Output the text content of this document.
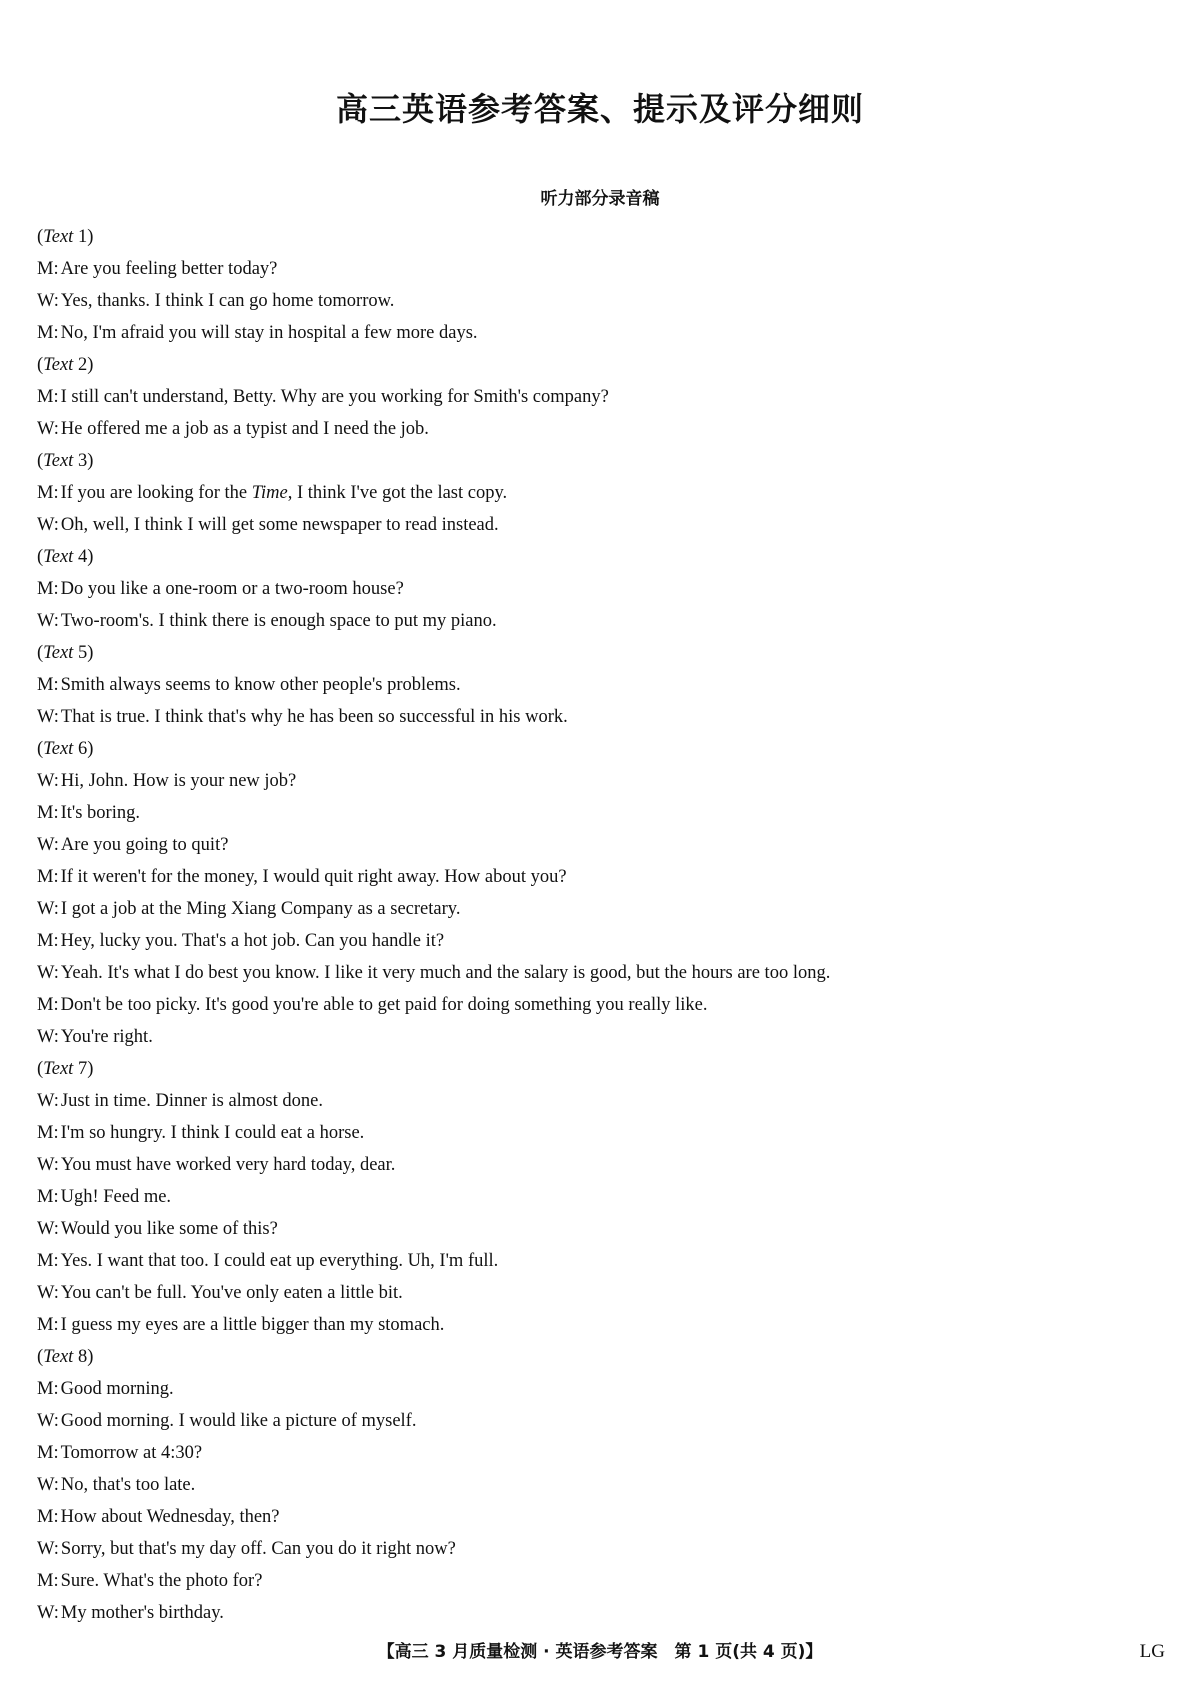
高三英语参考答案、提示及评分细则
听力部分录音稿
(Text 1)
M: Are you feeling better today?
W: Yes, thanks. I think I can go home tomorrow.
M: No, I'm afraid you will stay in hospital a few more days.
(Text 2)
M: I still can't understand, Betty. Why are you working for Smith's company?
W: He offered me a job as a typist and I need the job.
(Text 3)
M: If you are looking for the Time, I think I've got the last copy.
W: Oh, well, I think I will get some newspaper to read instead.
(Text 4)
M: Do you like a one-room or a two-room house?
W: Two-room's. I think there is enough space to put my piano.
(Text 5)
M: Smith always seems to know other people's problems.
W: That is true. I think that's why he has been so successful in his work.
(Text 6)
W: Hi, John. How is your new job?
M: It's boring.
W: Are you going to quit?
M: If it weren't for the money, I would quit right away. How about you?
W: I got a job at the Ming Xiang Company as a secretary.
M: Hey, lucky you. That's a hot job. Can you handle it?
W: Yeah. It's what I do best you know. I like it very much and the salary is good, but the hours are too long.
M: Don't be too picky. It's good you're able to get paid for doing something you really like.
W: You're right.
(Text 7)
W: Just in time. Dinner is almost done.
M: I'm so hungry. I think I could eat a horse.
W: You must have worked very hard today, dear.
M: Ugh! Feed me.
W: Would you like some of this?
M: Yes. I want that too. I could eat up everything. Uh, I'm full.
W: You can't be full. You've only eaten a little bit.
M: I guess my eyes are a little bigger than my stomach.
(Text 8)
M: Good morning.
W: Good morning. I would like a picture of myself.
M: Tomorrow at 4:30?
W: No, that's too late.
M: How about Wednesday, then?
W: Sorry, but that's my day off. Can you do it right now?
M: Sure. What's the photo for?
W: My mother's birthday.
【高三 3 月质量检测 · 英语参考答案　第 1 页(共 4 页)】	LG
